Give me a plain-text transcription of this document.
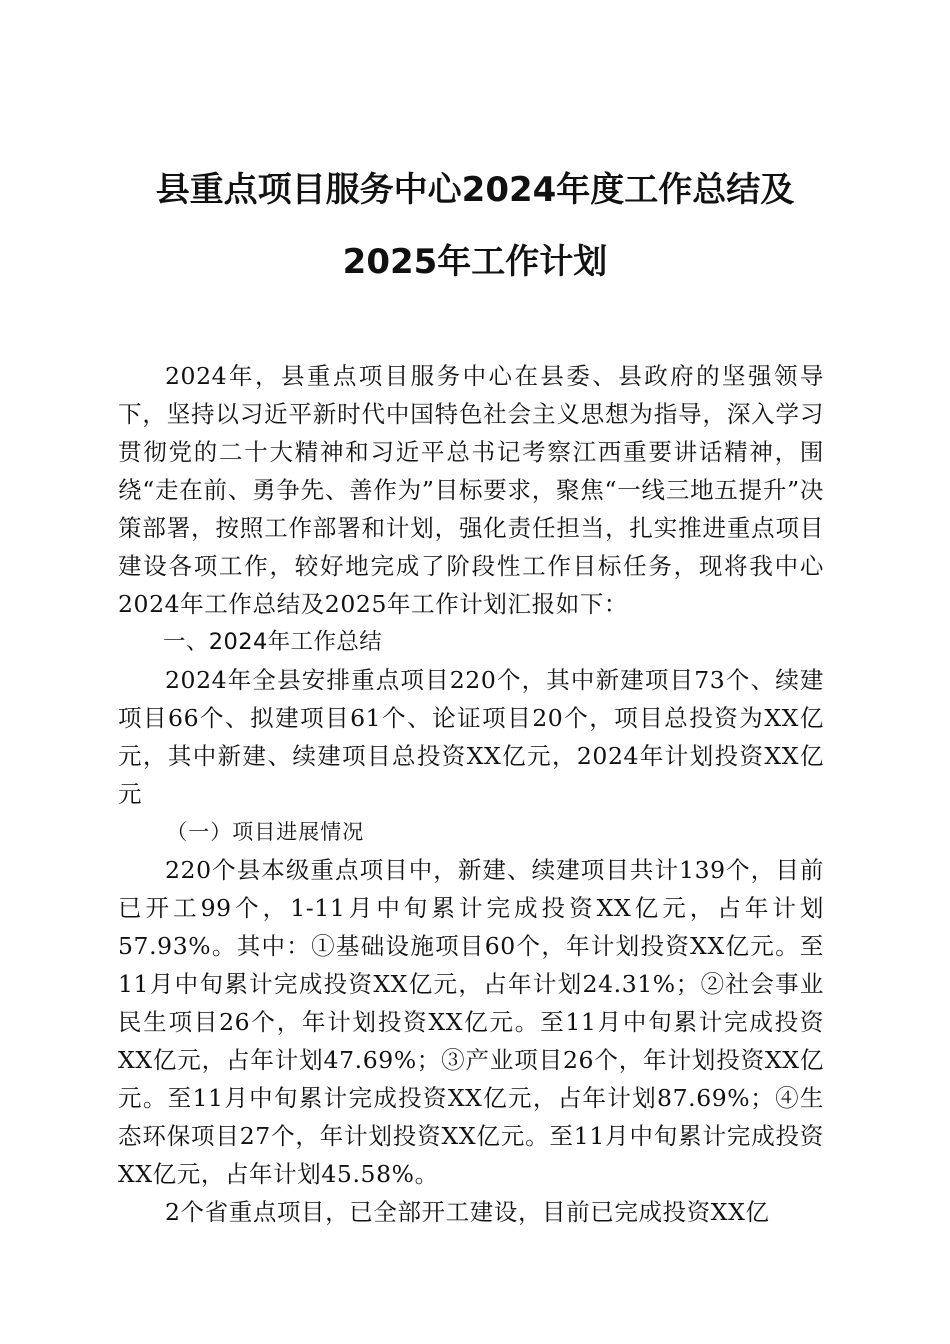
县重点项目服务中心2024年度工作总结及
2025年工作计划

2024年，县重点项目服务中心在县委、县政府的坚强领导下，坚持以习近平新时代中国特色社会主义思想为指导，深入学习贯彻党的二十大精神和习近平总书记考察江西重要讲话精神，围绕“走在前、勇争先、善作为”目标要求，聚焦“一线三地五提升”决策部署，按照工作部署和计划，强化责任担当，扎实推进重点项目建设各项工作，较好地完成了阶段性工作目标任务，现将我中心2024年工作总结及2025年工作计划汇报如下：

一、2024年工作总结

2024年全县安排重点项目220个，其中新建项目73个、续建项目66个、拟建项目61个、论证项目20个，项目总投资为XX亿元，其中新建、续建项目总投资XX亿元，2024年计划投资XX亿元

（一）项目进展情况

220个县本级重点项目中，新建、续建项目共计139个，目前已开工99个，1-11月中旬累计完成投资XX亿元，占年计划57.93%。其中：①基础设施项目60个，年计划投资XX亿元。至11月中旬累计完成投资XX亿元，占年计划24.31%；②社会事业民生项目26个，年计划投资XX亿元。至11月中旬累计完成投资XX亿元，占年计划47.69%；③产业项目26个，年计划投资XX亿元。至11月中旬累计完成投资XX亿元，占年计划87.69%；④生态环保项目27个，年计划投资XX亿元。至11月中旬累计完成投资XX亿元，占年计划45.58%。

2个省重点项目，已全部开工建设，目前已完成投资XX亿
